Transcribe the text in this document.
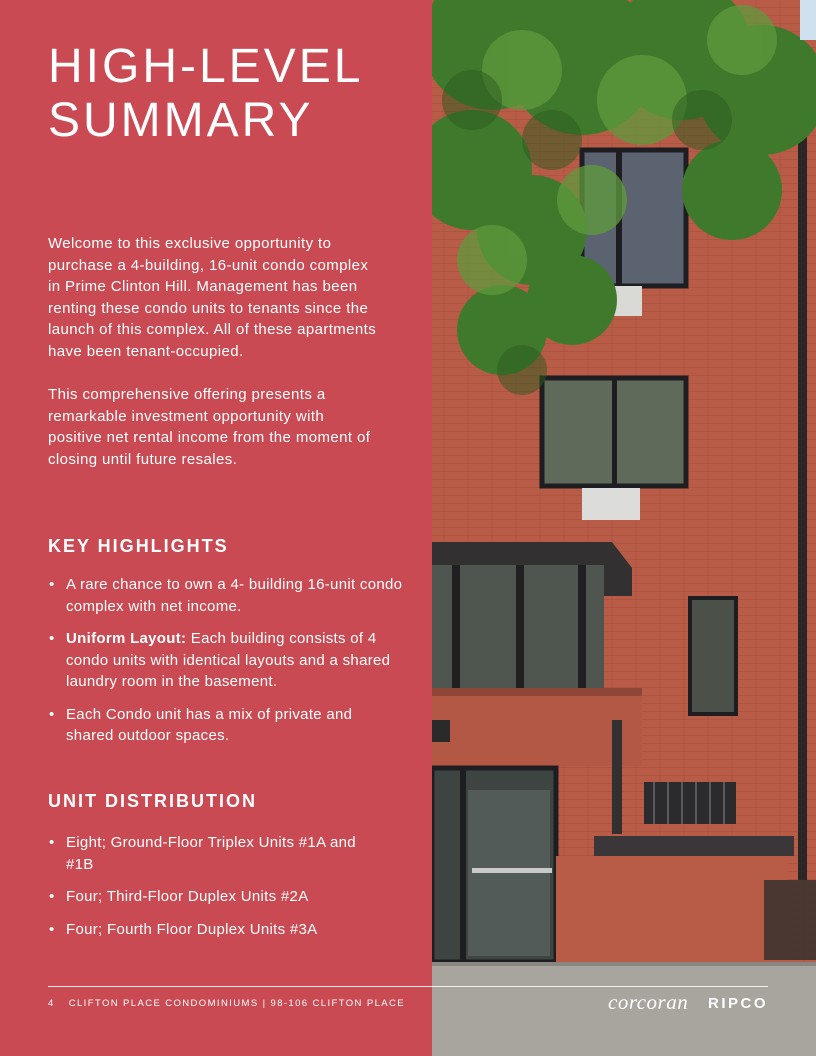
HIGH-LEVEL
SUMMARY

Welcome to this exclusive opportunity to purchase a 4-building, 16-unit condo complex in Prime Clinton Hill. Management has been renting these condo units to tenants since the launch of this complex. All of these apartments have been tenant-occupied.

This comprehensive offering presents a remarkable investment opportunity with positive net rental income from the moment of closing until future resales.

KEY HIGHLIGHTS
• A rare chance to own a 4- building 16-unit condo complex with net income.
• Uniform Layout: Each building consists of 4 condo units with identical layouts and a shared laundry room in the basement.
• Each Condo unit has a mix of private and shared outdoor spaces.
UNIT DISTRIBUTION
• Eight; Ground-Floor Triplex Units #1A and #1B
• Four; Third-Floor Duplex Units #2A
• Four; Fourth Floor Duplex Units #3A
4 CLIFTON PLACE CONDOMINIUMS | 98-106 CLIFTON PLACE	corcoran RIPCO
